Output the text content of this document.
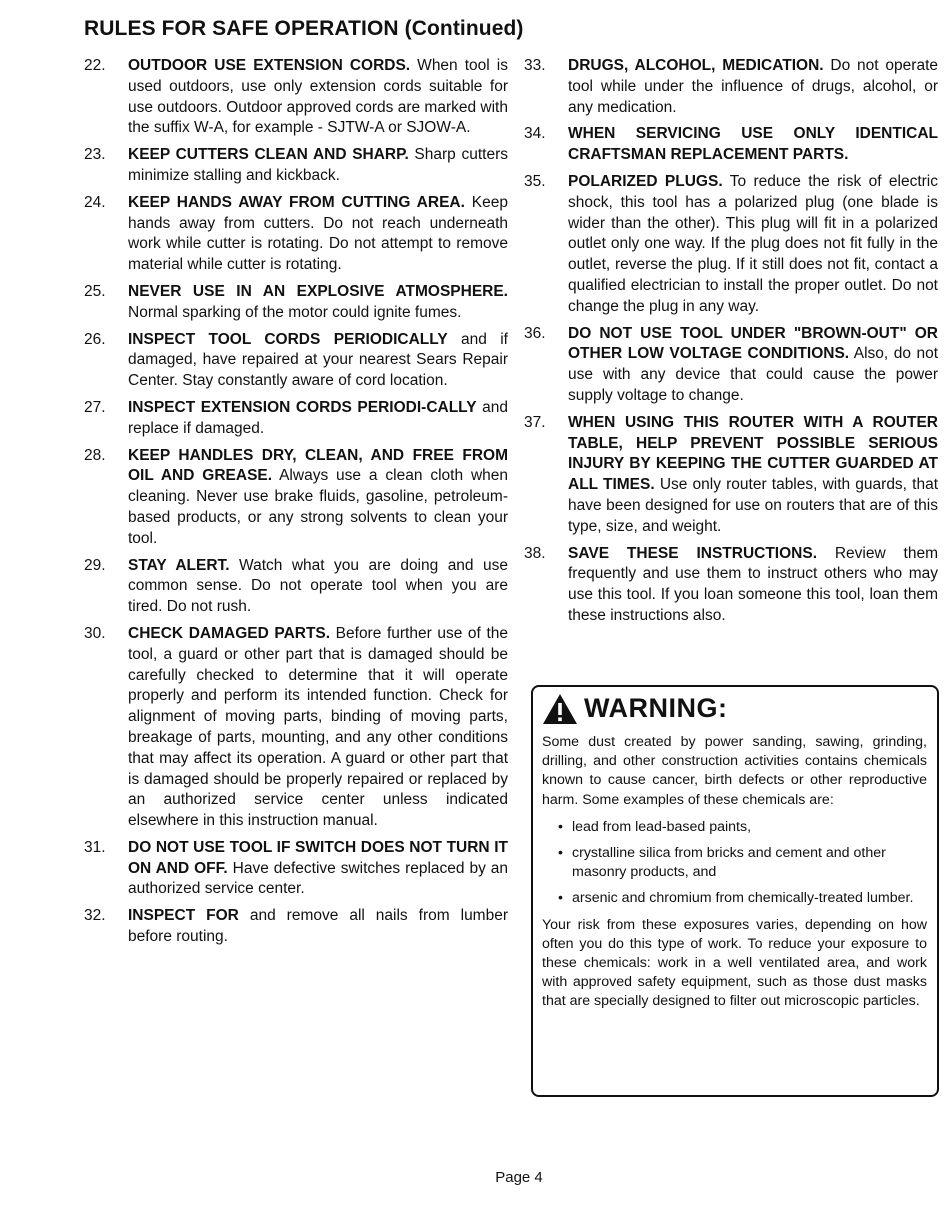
RULES FOR SAFE OPERATION (Continued)
22.	OUTDOOR USE EXTENSION CORDS. When tool is used outdoors, use only extension cords suitable for use outdoors. Outdoor approved cords are marked with the suffix W-A, for example - SJTW-A or SJOW-A.
23.	KEEP CUTTERS CLEAN AND SHARP. Sharp cutters minimize stalling and kickback.
24.	KEEP HANDS AWAY FROM CUTTING AREA. Keep hands away from cutters. Do not reach underneath work while cutter is rotating. Do not attempt to remove material while cutter is rotating.
25.	NEVER USE IN AN EXPLOSIVE ATMOSPHERE. Normal sparking of the motor could ignite fumes.
26.	INSPECT TOOL CORDS PERIODICALLY and if damaged, have repaired at your nearest Sears Repair Center. Stay constantly aware of cord location.
27.	INSPECT EXTENSION CORDS PERIODI-CALLY and replace if damaged.
28.	KEEP HANDLES DRY, CLEAN, AND FREE FROM OIL AND GREASE. Always use a clean cloth when cleaning. Never use brake fluids, gasoline, petroleum-based products, or any strong solvents to clean your tool.
29.	STAY ALERT. Watch what you are doing and use common sense. Do not operate tool when you are tired. Do not rush.
30.	CHECK DAMAGED PARTS. Before further use of the tool, a guard or other part that is damaged should be carefully checked to determine that it will operate properly and perform its intended function. Check for alignment of moving parts, binding of moving parts, breakage of parts, mounting, and any other conditions that may affect its operation. A guard or other part that is damaged should be properly repaired or replaced by an authorized service center unless indicated elsewhere in this instruction manual.
31.	DO NOT USE TOOL IF SWITCH DOES NOT TURN IT ON AND OFF. Have defective switches replaced by an authorized service center.
32.	INSPECT FOR and remove all nails from lumber before routing.
33.	DRUGS, ALCOHOL, MEDICATION. Do not operate tool while under the influence of drugs, alcohol, or any medication.
34.	WHEN SERVICING USE ONLY IDENTICAL CRAFTSMAN REPLACEMENT PARTS.
35.	POLARIZED PLUGS. To reduce the risk of electric shock, this tool has a polarized plug (one blade is wider than the other). This plug will fit in a polarized outlet only one way. If the plug does not fit fully in the outlet, reverse the plug. If it still does not fit, contact a qualified electrician to install the proper outlet. Do not change the plug in any way.
36.	DO NOT USE TOOL UNDER "BROWN-OUT" OR OTHER LOW VOLTAGE CONDITIONS. Also, do not use with any device that could cause the power supply voltage to change.
37.	WHEN USING THIS ROUTER WITH A ROUTER TABLE, HELP PREVENT POSSIBLE SERIOUS INJURY BY KEEPING THE CUTTER GUARDED AT ALL TIMES. Use only router tables, with guards, that have been designed for use on routers that are of this type, size, and weight.
38.	SAVE THESE INSTRUCTIONS. Review them frequently and use them to instruct others who may use this tool. If you loan someone this tool, loan them these instructions also.
WARNING:

Some dust created by power sanding, sawing, grinding, drilling, and other construction activities contains chemicals known to cause cancer, birth defects or other reproductive harm. Some examples of these chemicals are:

• lead from lead-based paints,
• crystalline silica from bricks and cement and other masonry products, and
• arsenic and chromium from chemically-treated lumber.

Your risk from these exposures varies, depending on how often you do this type of work. To reduce your exposure to these chemicals: work in a well ventilated area, and work with approved safety equipment, such as those dust masks that are specially designed to filter out microscopic particles.

Page 4
